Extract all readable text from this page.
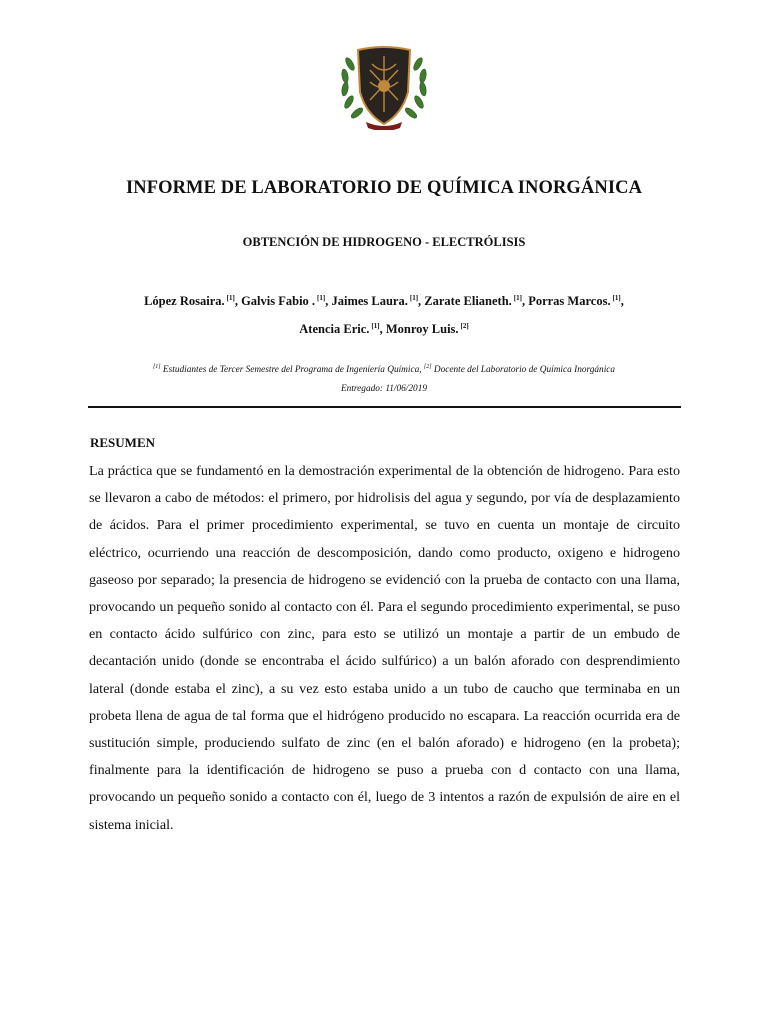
INFORME DE LABORATORIO DE QUÍMICA INORGÁNICA
OBTENCIÓN DE HIDROGENO - ELECTRÓLISIS
López Rosaira. [1], Galvis Fabio . [1], Jaimes Laura. [1], Zarate Elianeth. [1], Porras Marcos. [1],
Atencia Eric. [1], Monroy Luis. [2]
[1] Estudiantes de Tercer Semestre del Programa de Ingeniería Química, [2] Docente del Laboratorio de Química Inorgánica
Entregado: 11/06/2019
RESUMEN

La práctica que se fundamentó en la demostración experimental de la obtención de hidrogeno. Para esto se llevaron a cabo de métodos: el primero, por hidrolisis del agua y segundo, por vía de desplazamiento de ácidos. Para el primer procedimiento experimental, se tuvo en cuenta un montaje de circuito eléctrico, ocurriendo una reacción de descomposición, dando como producto, oxigeno e hidrogeno gaseoso por separado; la presencia de hidrogeno se evidenció con la prueba de contacto con una llama, provocando un pequeño sonido al contacto con él. Para el segundo procedimiento experimental, se puso en contacto ácido sulfúrico con zinc, para esto se utilizó un montaje a partir de un embudo de decantación unido (donde se encontraba el ácido sulfúrico) a un balón aforado con desprendimiento lateral (donde estaba el zinc), a su vez esto estaba unido a un tubo de caucho que terminaba en un probeta llena de agua de tal forma que el hidrógeno producido no escapara. La reacción ocurrida era de sustitución simple, produciendo sulfato de zinc (en el balón aforado) e hidrogeno (en la probeta); finalmente para la identificación de hidrogeno se puso a prueba con d contacto con una llama, provocando un pequeño sonido a contacto con él, luego de 3 intentos a razón de expulsión de aire en el sistema inicial.
